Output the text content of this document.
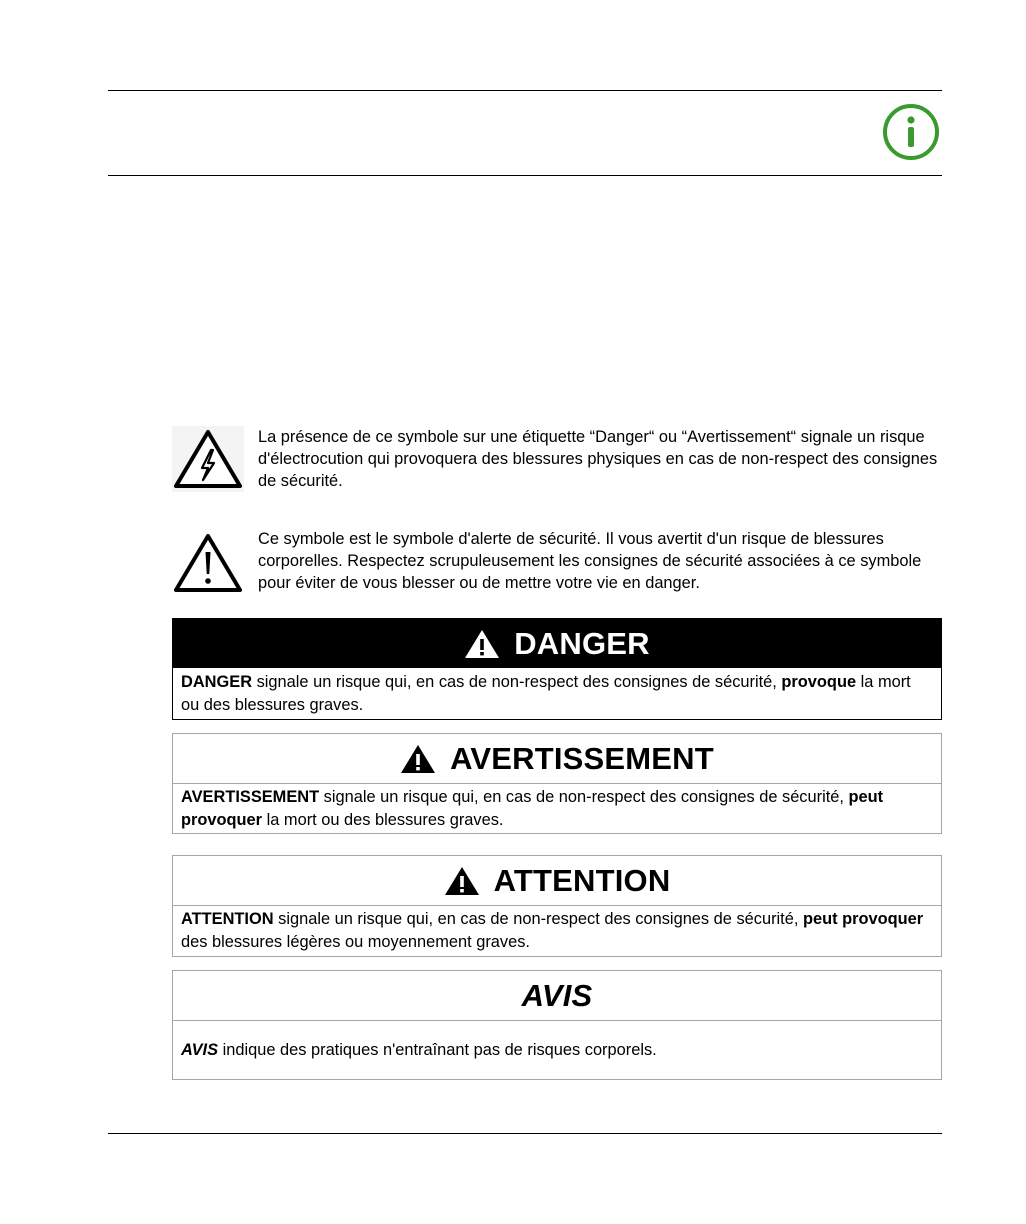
La présence de ce symbole sur une étiquette “Danger“ ou “Avertissement“ signale un risque d'électrocution qui provoquera des blessures physiques en cas de non-respect des consignes de sécurité.

Ce symbole est le symbole d'alerte de sécurité. Il vous avertit d'un risque de blessures corporelles. Respectez scrupuleusement les consignes de sécurité associées à ce symbole pour éviter de vous blesser ou de mettre votre vie en danger.

DANGER
DANGER signale un risque qui, en cas de non-respect des consignes de sécurité, provoque la mort ou des blessures graves.
AVERTISSEMENT
AVERTISSEMENT signale un risque qui, en cas de non-respect des consignes de sécurité, peut provoquer la mort ou des blessures graves.
ATTENTION
ATTENTION signale un risque qui, en cas de non-respect des consignes de sécurité, peut provoquer des blessures légères ou moyennement graves.
AVIS
AVIS indique des pratiques n'entraînant pas de risques corporels.
